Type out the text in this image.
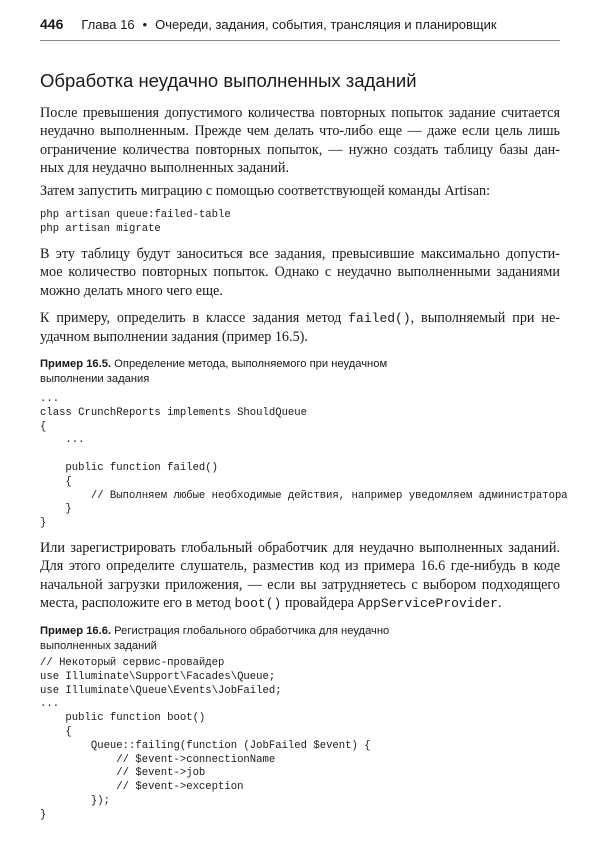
446 Глава 16 • Очереди, задания, события, трансляция и планировщик
Обработка неудачно выполненных заданий

После превышения допустимого количества повторных попыток задание считается
неудачно выполненным. Прежде чем делать что-либо еще — даже если цель лишь
ограничение количества повторных попыток, — нужно создать таблицу базы дан-
ных для неудачно выполненных заданий.

Затем запустить миграцию с помощью соответствующей команды Artisan:

php artisan queue:failed-table
php artisan migrate

В эту таблицу будут заноситься все задания, превысившие максимально допусти-
мое количество повторных попыток. Однако с неудачно выполненными заданиями
можно делать много чего еще.

К примеру, определить в классе задания метод failed(), выполняемый при не-
удачном выполнении задания (пример 16.5).

Пример 16.5. Определение метода, выполняемого при неудачном
выполнении задания
...
class CrunchReports implements ShouldQueue
{
...

public function failed()
{
// Выполняем любые необходимые действия, например уведомляем администратора
}
}

Или зарегистрировать глобальный обработчик для неудачно выполненных заданий.
Для этого определите слушатель, разместив код из примера 16.6 где-нибудь в коде
начальной загрузки приложения, — если вы затрудняетесь с выбором подходящего
места, расположите его в метод boot() провайдера AppServiceProvider.

Пример 16.6. Регистрация глобального обработчика для неудачно
выполненных заданий
// Некоторый сервис-провайдер
use Illuminate\Support\Facades\Queue;
use Illuminate\Queue\Events\JobFailed;
...
public function boot()
{
Queue::failing(function (JobFailed $event) {
// $event->connectionName
// $event->job
// $event->exception
});
}
